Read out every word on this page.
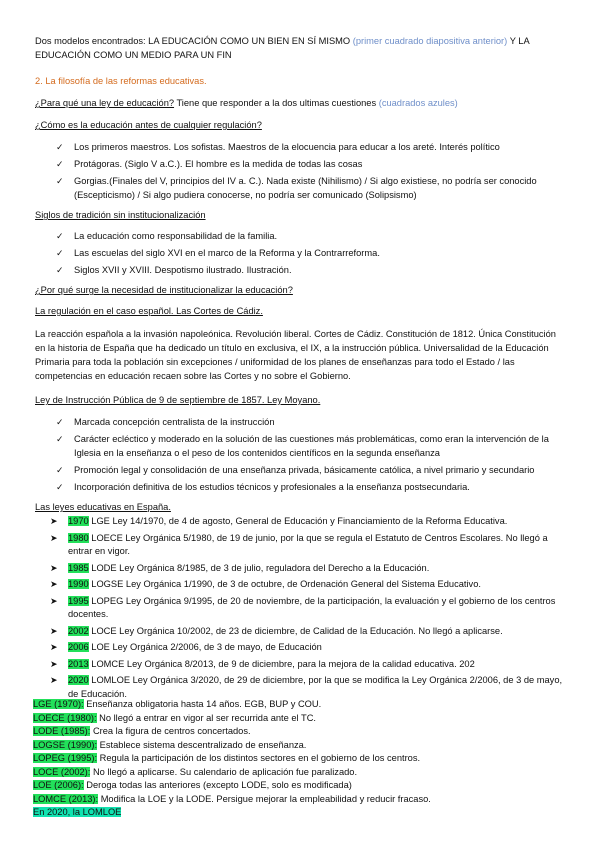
Dos modelos encontrados: LA EDUCACIÓN COMO UN BIEN EN SÍ MISMO (primer cuadrado diapositiva anterior) Y LA EDUCACIÓN COMO UN MEDIO PARA UN FIN
2. La filosofía de las reformas educativas.
¿Para qué una ley de educación? Tiene que responder a la dos ultimas cuestiones (cuadrados azules)
¿Cómo es la educación antes de cualquier regulación?
✓ Los primeros maestros. Los sofistas. Maestros de la elocuencia para educar a los areté. Interés político
✓ Protágoras. (Siglo V a.C.). El hombre es la medida de todas las cosas
✓ Gorgias.(Finales del V, principios del IV a. C.). Nada existe (Nihilismo) / Si algo existiese, no podría ser conocido (Escepticismo) / Si algo pudiera conocerse, no podría ser comunicado (Solipsismo)
Siglos de tradición sin institucionalización
✓ La educación como responsabilidad de la familia.
✓ Las escuelas del siglo XVI en el marco de la Reforma y la Contrarreforma.
✓ Siglos XVII y XVIII. Despotismo ilustrado. Ilustración.
¿Por qué surge la necesidad de institucionalizar la educación?
La regulación en el caso español. Las Cortes de Cádiz.
La reacción española a la invasión napoleónica. Revolución liberal. Cortes de Cádiz. Constitución de 1812. Única Constitución en la historia de España que ha dedicado un título en exclusiva, el IX, a la instrucción pública. Universalidad de la Educación Primaria para toda la población sin excepciones / uniformidad de los planes de enseñanzas para todo el Estado / las competencias en educación recaen sobre las Cortes y no sobre el Gobierno.
Ley de Instrucción Pública de 9 de septiembre de 1857. Ley Moyano.
✓ Marcada concepción centralista de la instrucción
✓ Carácter ecléctico y moderado en la solución de las cuestiones más problemáticas, como eran la intervención de la Iglesia en la enseñanza o el peso de los contenidos científicos en la segunda enseñanza
✓ Promoción legal y consolidación de una enseñanza privada, básicamente católica, a nivel primario y secundario
✓ Incorporación definitiva de los estudios técnicos y profesionales a la enseñanza postsecundaria.
Las leyes educativas en España.
➤ 1970 LGE Ley 14/1970, de 4 de agosto, General de Educación y Financiamiento de la Reforma Educativa.
➤ 1980 LOECE Ley Orgánica 5/1980, de 19 de junio, por la que se regula el Estatuto de Centros Escolares. No llegó a entrar en vigor.
➤ 1985 LODE Ley Orgánica 8/1985, de 3 de julio, reguladora del Derecho a la Educación.
➤ 1990 LOGSE Ley Orgánica 1/1990, de 3 de octubre, de Ordenación General del Sistema Educativo.
➤ 1995 LOPEG Ley Orgánica 9/1995, de 20 de noviembre, de la participación, la evaluación y el gobierno de los centros docentes.
➤ 2002 LOCE Ley Orgánica 10/2002, de 23 de diciembre, de Calidad de la Educación. No llegó a aplicarse.
➤ 2006 LOE Ley Orgánica 2/2006, de 3 de mayo, de Educación
➤ 2013 LOMCE Ley Orgánica 8/2013, de 9 de diciembre, para la mejora de la calidad educativa. 202
➤ 2020 LOMLOE Ley Orgánica 3/2020, de 29 de diciembre, por la que se modifica la Ley Orgánica 2/2006, de 3 de mayo, de Educación.
LGE (1970): Enseñanza obligatoria hasta 14 años. EGB, BUP y COU.
LOECE (1980): No llegó a entrar en vigor al ser recurrida ante el TC.
LODE (1985): Crea la figura de centros concertados.
LOGSE (1990): Establece sistema descentralizado de enseñanza.
LOPEG (1995): Regula la participación de los distintos sectores en el gobierno de los centros.
LOCE (2002): No llegó a aplicarse. Su calendario de aplicación fue paralizado.
LOE (2006): Deroga todas las anteriores (excepto LODE, solo es modificada)
LOMCE (2013): Modifica la LOE y la LODE. Persigue mejorar la empleabilidad y reducir fracaso.
En 2020, la LOMLOE
